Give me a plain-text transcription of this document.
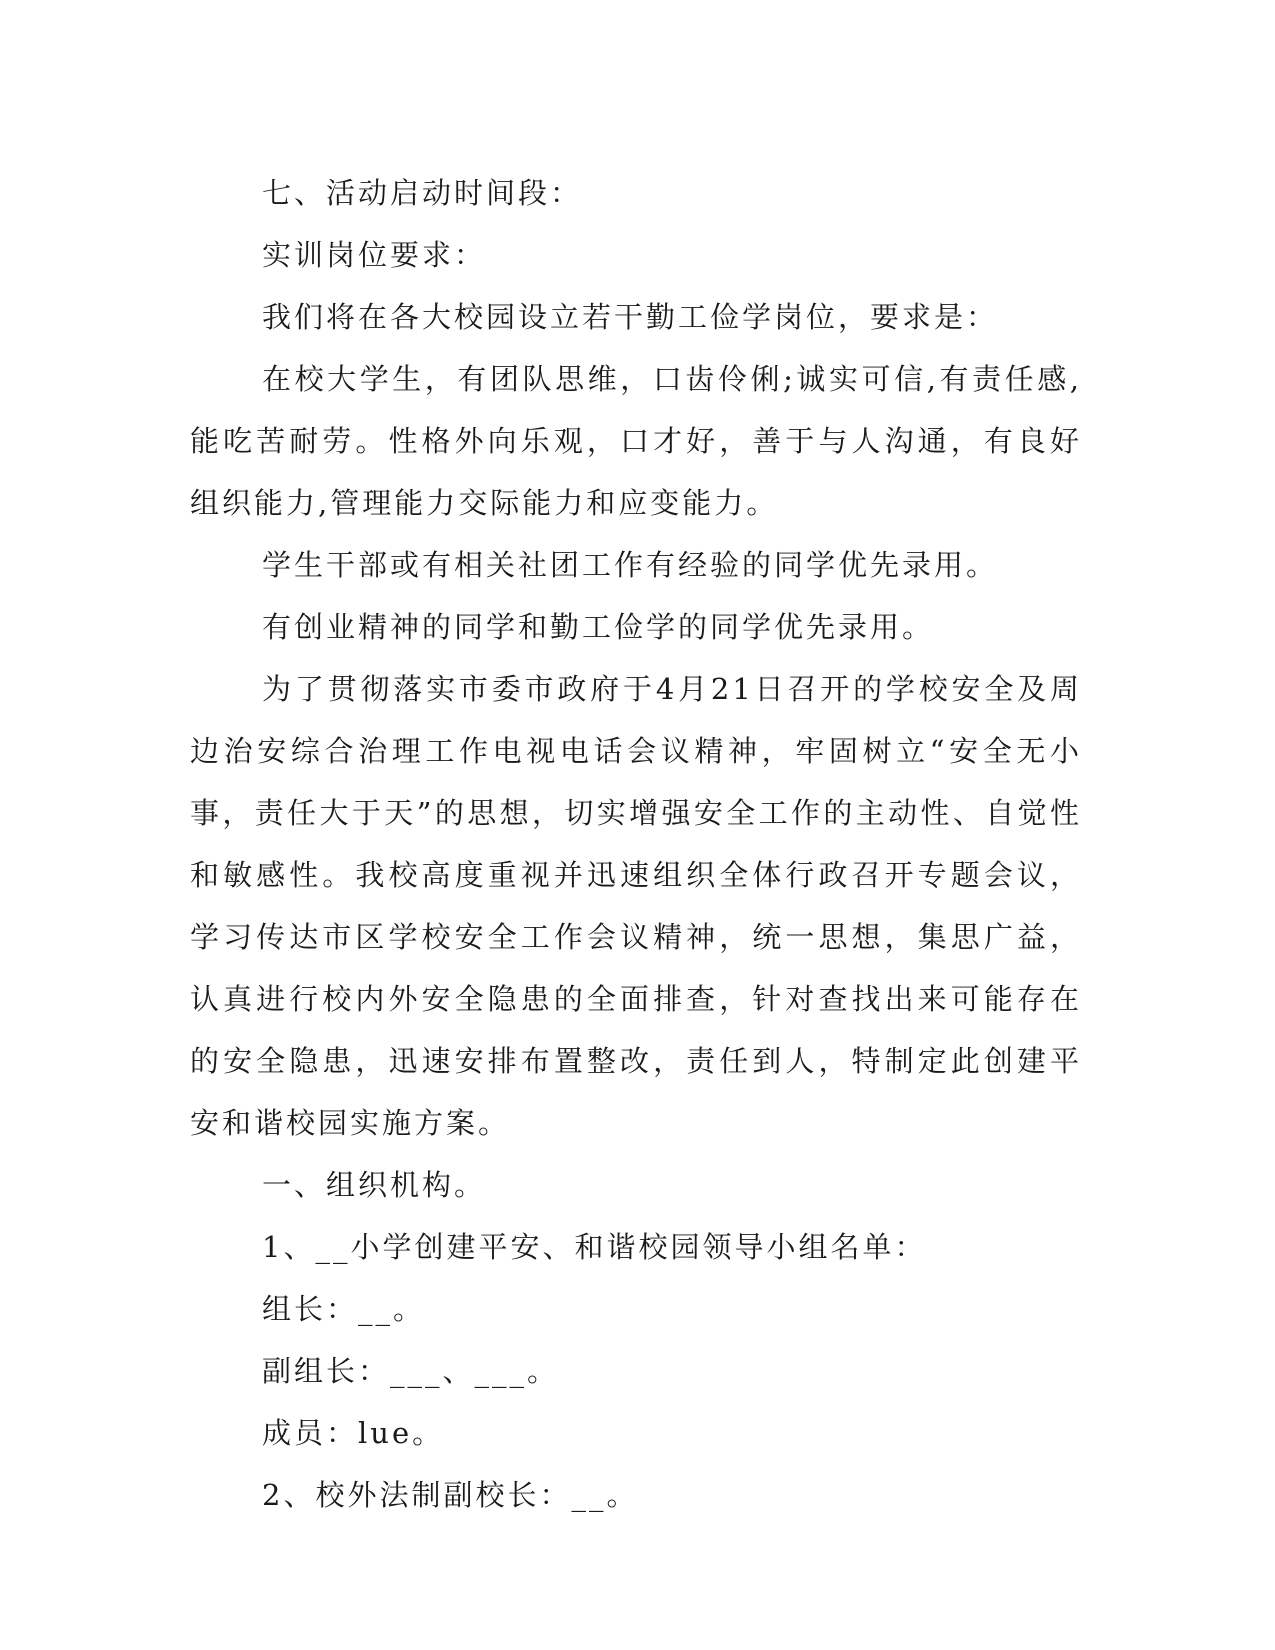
七、活动启动时间段：

实训岗位要求：

我们将在各大校园设立若干勤工俭学岗位，要求是：

在校大学生，有团队思维，口齿伶俐;诚实可信,有责任感,能吃苦耐劳。性格外向乐观，口才好，善于与人沟通，有良好组织能力,管理能力交际能力和应变能力。

学生干部或有相关社团工作有经验的同学优先录用。

有创业精神的同学和勤工俭学的同学优先录用。

为了贯彻落实市委市政府于4月21日召开的学校安全及周边治安综合治理工作电视电话会议精神，牢固树立“安全无小事，责任大于天”的思想，切实增强安全工作的主动性、自觉性和敏感性。我校高度重视并迅速组织全体行政召开专题会议，学习传达市区学校安全工作会议精神，统一思想，集思广益，认真进行校内外安全隐患的全面排查，针对查找出来可能存在的安全隐患，迅速安排布置整改，责任到人，特制定此创建平安和谐校园实施方案。

一、组织机构。

1、__小学创建平安、和谐校园领导小组名单：

组长：__。

副组长：___、___。

成员：lue。

2、校外法制副校长：__。
